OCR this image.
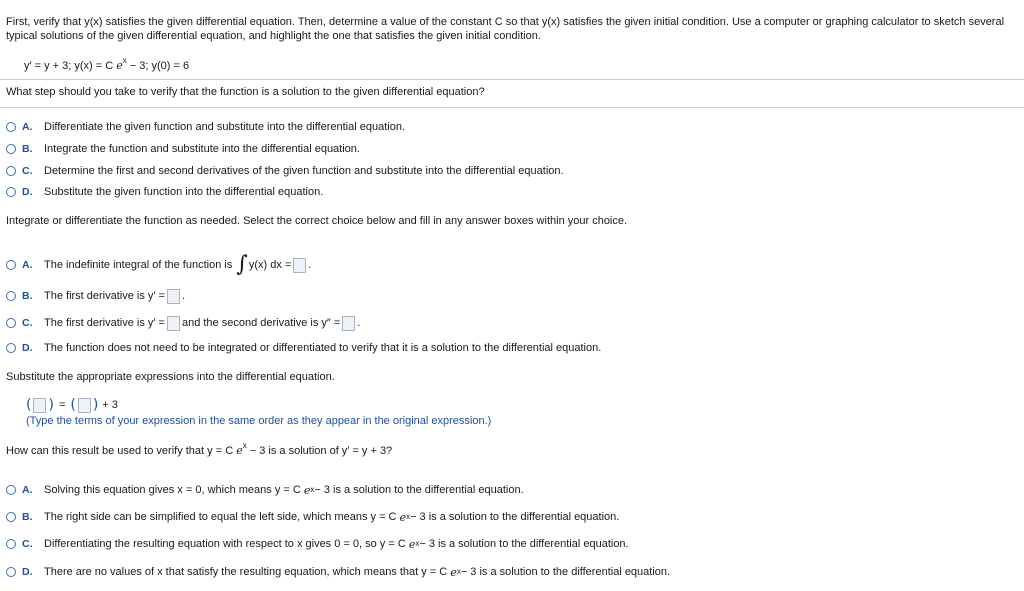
First, verify that y(x) satisfies the given differential equation. Then, determine a value of the constant C so that y(x) satisfies the given initial condition. Use a computer or graphing calculator to sketch several typical solutions of the given differential equation, and highlight the one that satisfies the given initial condition.
y′ = y + 3; y(x) = C $e^x - 3$; y(0) = 6
What step should you take to verify that the function is a solution to the given differential equation?
A.	Differentiate the given function and substitute into the differential equation.
B.	Integrate the function and substitute into the differential equation.
C.	Determine the first and second derivatives of the given function and substitute into the differential equation.
D.	Substitute the given function into the differential equation.
Integrate or differentiate the function as needed. Select the correct choice below and fill in any answer boxes within your choice.
A.	The indefinite integral of the function is ∫ y(x) dx = .
B.	The first derivative is y′ = .
C.	The first derivative is y′ = and the second derivative is y″ = .
D.	The function does not need to be integrated or differentiated to verify that it is a solution to the differential equation.
Substitute the appropriate expressions into the differential equation.
( ) = ( ) + 3
(Type the terms of your expression in the same order as they appear in the original expression.)
How can this result be used to verify that y = C $e^x - 3$ is a solution of y′ = y + 3?
A.	Solving this equation gives x = 0, which means y = C
e x − 3 is a solution to the differential equation.
B.	The right side can be simplified to equal the left side, which means y = C
e x − 3 is a solution to the differential equation.
C.	Differentiating the resulting equation with respect to x gives 0 = 0, so y = C
e x − 3 is a solution to the differential equation.
D.	There are no values of x that satisfy the resulting equation, which means that y = C
e x − 3 is a solution to the differential equation.
